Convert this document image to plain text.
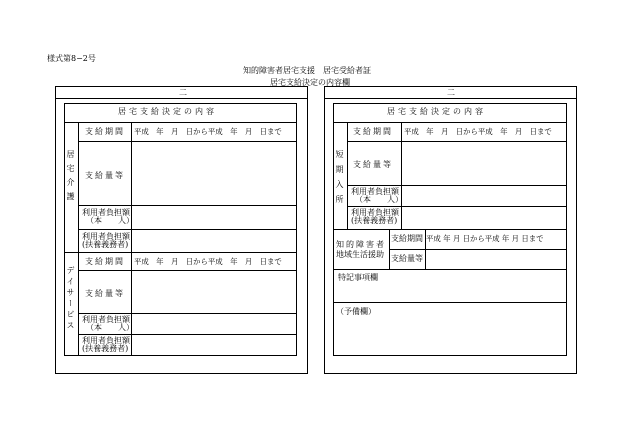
様式第8−2号
知的障害者居宅支援　居宅受給者証
居宅支給決定の内容欄
二
居宅支給決定の内容
居宅介護
支給期間 平成　年　月　日から平成　年　月　日まで
支給量等
利用者負担額
（本　　人）
利用者負担額
(扶養義務者)
デイサービス
支給期間 平成　年　月　日から平成　年　月　日まで
支給量等
利用者負担額
（本　　人）
利用者負担額
(扶養義務者)
二
居宅支給決定の内容
短期入所
支給期間 平成　年　月　日から平成　年　月　日まで
支給量等
利用者負担額
（本　　人）
利用者負担額
(扶養義務者)
知的障害者
地域生活援助
支給期間 平成 年 月 日から平成 年 月 日まで
支給量等
特記事項欄
（予備欄）
